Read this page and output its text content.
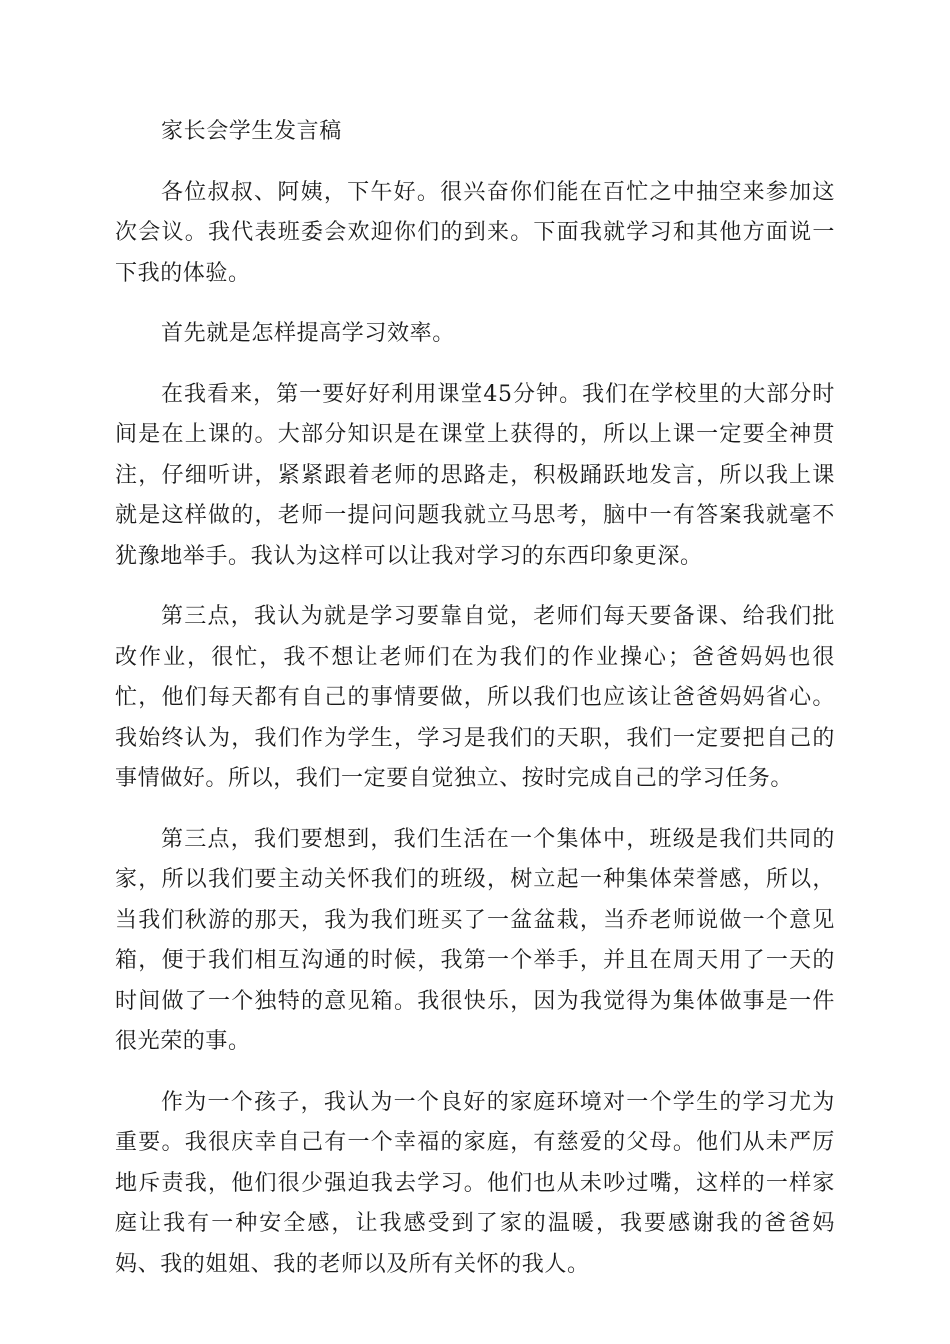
家长会学生发言稿

各位叔叔、阿姨，下午好。很兴奋你们能在百忙之中抽空来参加这次会议。我代表班委会欢迎你们的到来。下面我就学习和其他方面说一下我的体验。

首先就是怎样提高学习效率。

在我看来，第一要好好利用课堂45分钟。我们在学校里的大部分时间是在上课的。大部分知识是在课堂上获得的，所以上课一定要全神贯注，仔细听讲，紧紧跟着老师的思路走，积极踊跃地发言，所以我上课就是这样做的，老师一提问问题我就立马思考，脑中一有答案我就毫不犹豫地举手。我认为这样可以让我对学习的东西印象更深。

第三点，我认为就是学习要靠自觉，老师们每天要备课、给我们批改作业，很忙，我不想让老师们在为我们的作业操心；爸爸妈妈也很忙，他们每天都有自己的事情要做，所以我们也应该让爸爸妈妈省心。我始终认为，我们作为学生，学习是我们的天职，我们一定要把自己的事情做好。所以，我们一定要自觉独立、按时完成自己的学习任务。

第三点，我们要想到，我们生活在一个集体中，班级是我们共同的家，所以我们要主动关怀我们的班级，树立起一种集体荣誉感，所以，当我们秋游的那天，我为我们班买了一盆盆栽，当乔老师说做一个意见箱，便于我们相互沟通的时候，我第一个举手，并且在周天用了一天的时间做了一个独特的意见箱。我很快乐，因为我觉得为集体做事是一件很光荣的事。

作为一个孩子，我认为一个良好的家庭环境对一个学生的学习尤为重要。我很庆幸自己有一个幸福的家庭，有慈爱的父母。他们从未严厉地斥责我，他们很少强迫我去学习。他们也从未吵过嘴，这样的一样家庭让我有一种安全感，让我感受到了家的温暖，我要感谢我的爸爸妈妈、我的姐姐、我的老师以及所有关怀的我人。
